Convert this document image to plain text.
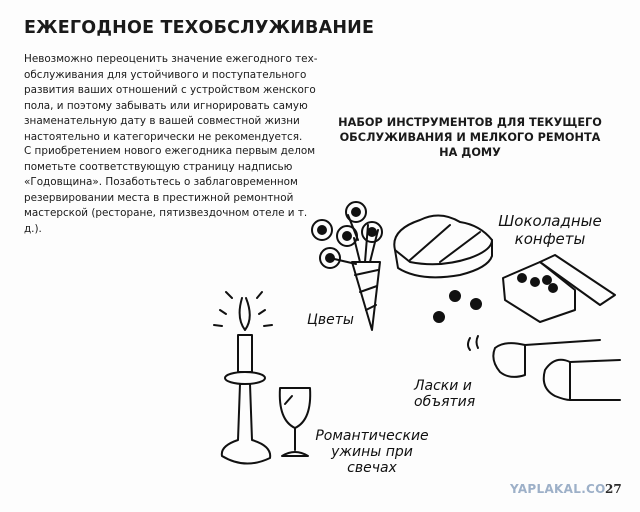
ЕЖЕГОДНОЕ ТЕХОБСЛУЖИВАНИЕ
Невозможно переоценить значение ежегодного тех-обслуживания для устойчивого и поступательного развития ваших отношений с устройством женского пола, и поэтому забывать или игнорировать самую знаменательную дату в вашей совместной жизни настоятельно и категорически не рекомендуется.
С приобретением нового ежегодника первым делом пометьте соответствующую страницу надписью «Годовщина». Позаботьтесь о заблаговременном резервировании места в престижной ремонтной мастерской (ресторане, пятизвездочном отеле и т. д.).
НАБОР ИНСТРУМЕНТОВ ДЛЯ ТЕКУЩЕГО ОБСЛУЖИВАНИЯ И МЕЛКОГО РЕМОНТА НА ДОМУ
Шоколадные конфеты
Цветы
Ласки и объятия
Романтические ужины при свечах
YAPLAKAL.CO 27
